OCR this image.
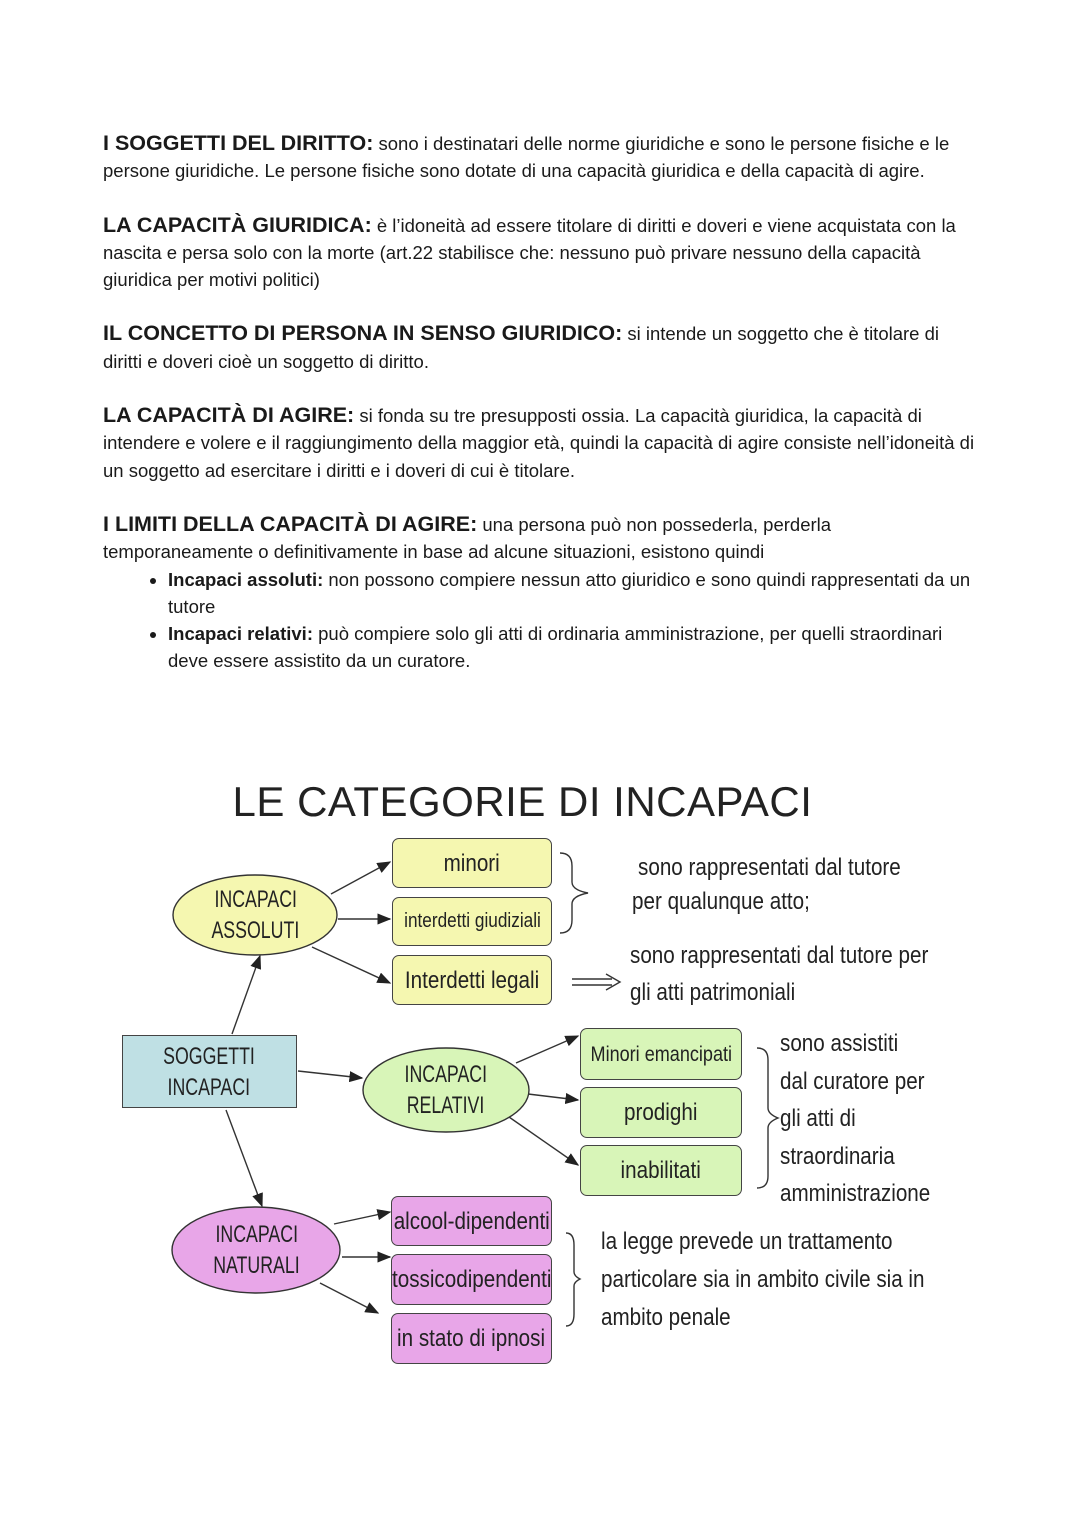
I SOGGETTI DEL DIRITTO: sono i destinatari delle norme giuridiche e sono le persone fisiche e le persone giuridiche. Le persone fisiche sono dotate di una capacità giuridica e della capacità di agire.

LA CAPACITÀ GIURIDICA: è l’idoneità ad essere titolare di diritti e doveri e viene acquistata con la nascita e persa solo con la morte (art.22 stabilisce che: nessuno può privare nessuno della capacità giuridica per motivi politici)

IL CONCETTO DI PERSONA IN SENSO GIURIDICO: si intende un soggetto che è titolare di diritti e doveri cioè un soggetto di diritto.

LA CAPACITÀ DI AGIRE: si fonda su tre presupposti ossia. La capacità giuridica, la capacità di intendere e volere e il raggiungimento della maggior età, quindi la capacità di agire consiste nell’idoneità di un soggetto ad esercitare i diritti e i doveri di cui è titolare.

I LIMITI DELLA CAPACITÀ DI AGIRE: una persona può non possederla, perderla temporaneamente o definitivamente in base ad alcune situazioni, esistono quindi

• Incapaci assoluti: non possono compiere nessun atto giuridico e sono quindi rappresentati da un tutore
• Incapaci relativi: può compiere solo gli atti di ordinaria amministrazione, per quelli straordinari deve essere assistito da un curatore.
LE CATEGORIE DI INCAPACI
INCAPACI
ASSOLUTI
INCAPACI
RELATIVI
INCAPACI
NATURALI
SOGGETTI
INCAPACI
minori
interdetti giudiziali
Interdetti legali
Minori emancipati
prodighi
inabilitati
alcool-dipendenti
tossicodipendenti
in stato di ipnosi
sono rappresentati dal tutore
per qualunque atto;
sono rappresentati dal tutore per
gli atti patrimoniali
sono assistiti
dal curatore per
gli atti di
straordinaria
amministrazione
la legge prevede un trattamento
particolare sia in ambito civile sia in
ambito penale
